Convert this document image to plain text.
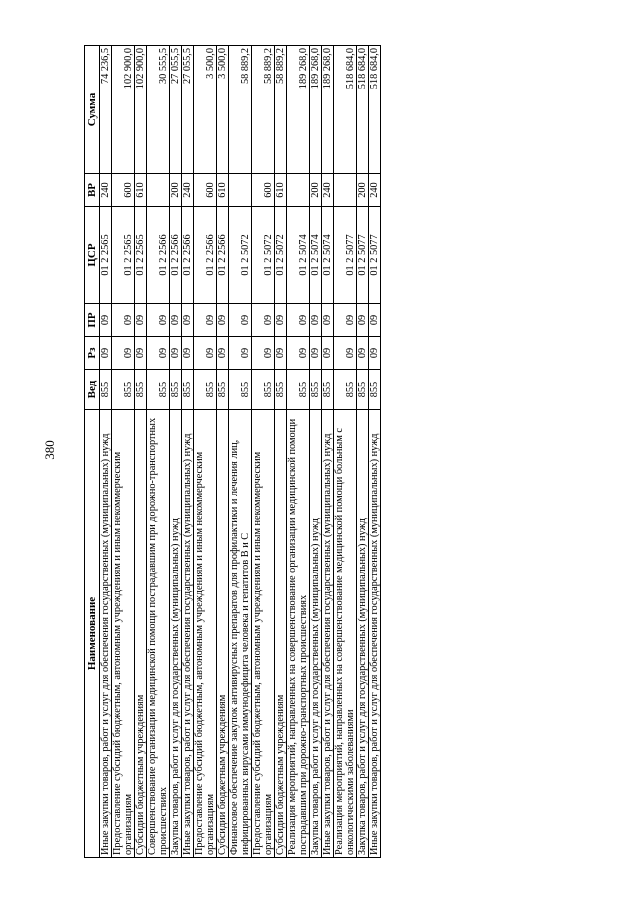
380
Наименование	Вед	Рз	ПР	ЦСР	ВР	Сумма
Иные закупки товаров, работ и услуг для обеспечения государственных (муниципальных) нужд	855	09	09	01 2 2565	240	74 236,5
Предоставление субсидий бюджетным, автономным учреждениям и иным некоммерческим организациям	855	09	09	01 2 2565	600	102 900,0
Субсидии бюджетным учреждениям	855	09	09	01 2 2565	610	102 900,0
Совершенствование организации медицинской помощи пострадавшим при дорожно-транспортных происшествиях	855	09	09	01 2 2566		30 555,5
Закупка товаров, работ и услуг для государственных (муниципальных) нужд	855	09	09	01 2 2566	200	27 055,5
Иные закупки товаров, работ и услуг для обеспечения государственных (муниципальных) нужд	855	09	09	01 2 2566	240	27 055,5
Предоставление субсидий бюджетным, автономным учреждениям и иным некоммерческим организациям	855	09	09	01 2 2566	600	3 500,0
Субсидии бюджетным учреждениям	855	09	09	01 2 2566	610	3 500,0
Финансовое обеспечение закупок антивирусных препаратов для профилактики и лечения лиц, инфицированных вирусами иммунодефицита человека и гепатитов В и С	855	09	09	01 2 5072		58 889,2
Предоставление субсидий бюджетным, автономным учреждениям и иным некоммерческим организациям	855	09	09	01 2 5072	600	58 889,2
Субсидии бюджетным учреждениям	855	09	09	01 2 5072	610	58 889,2
Реализация мероприятий, направленных на совершенствование организации медицинской помощи пострадавшим при дорожно-транспортных происшествиях	855	09	09	01 2 5074		189 268,0
Закупка товаров, работ и услуг для государственных (муниципальных) нужд	855	09	09	01 2 5074	200	189 268,0
Иные закупки товаров, работ и услуг для обеспечения государственных (муниципальных) нужд	855	09	09	01 2 5074	240	189 268,0
Реализация мероприятий, направленных на совершенствование медицинской помощи больным с онкологическими заболеваниями	855	09	09	01 2 5077		518 684,0
Закупка товаров, работ и услуг для государственных (муниципальных) нужд	855	09	09	01 2 5077	200	518 684,0
Иные закупки товаров, работ и услуг для обеспечения государственных (муниципальных) нужд	855	09	09	01 2 5077	240	518 684,0
